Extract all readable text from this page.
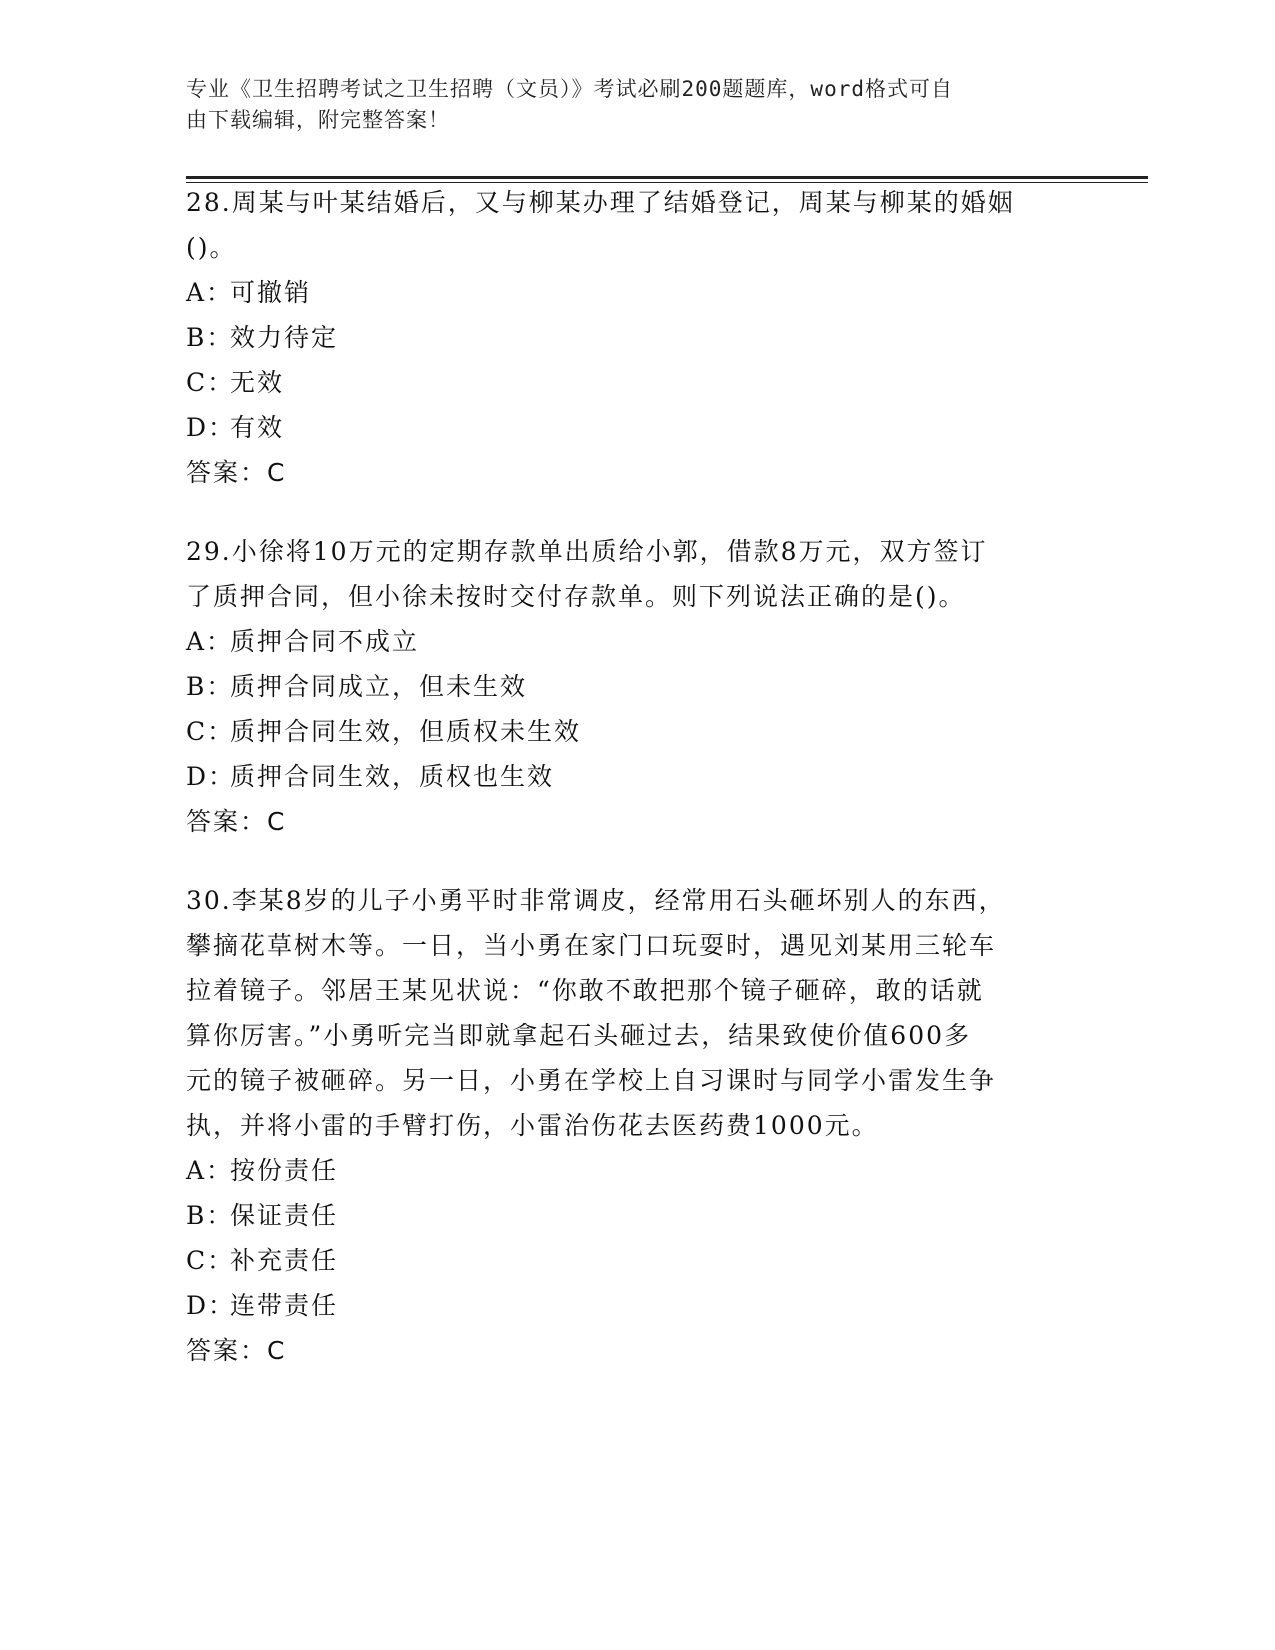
专业《卫生招聘考试之卫生招聘（文员）》考试必刷200题题库，word格式可自
由下载编辑，附完整答案！

28.周某与叶某结婚后，又与柳某办理了结婚登记，周某与柳某的婚姻

()。

A：可撤销

B：效力待定

C：无效

D：有效

答案：C

29.小徐将10万元的定期存款单出质给小郭，借款8万元，双方签订

了质押合同，但小徐未按时交付存款单。则下列说法正确的是()。

A：质押合同不成立

B：质押合同成立，但未生效

C：质押合同生效，但质权未生效

D：质押合同生效，质权也生效

答案：C

30.李某8岁的儿子小勇平时非常调皮，经常用石头砸坏别人的东西，

攀摘花草树木等。一日，当小勇在家门口玩耍时，遇见刘某用三轮车

拉着镜子。邻居王某见状说：“你敢不敢把那个镜子砸碎，敢的话就

算你厉害。”小勇听完当即就拿起石头砸过去，结果致使价值600多

元的镜子被砸碎。另一日，小勇在学校上自习课时与同学小雷发生争

执，并将小雷的手臂打伤，小雷治伤花去医药费1000元。

A：按份责任

B：保证责任

C：补充责任

D：连带责任

答案：C
